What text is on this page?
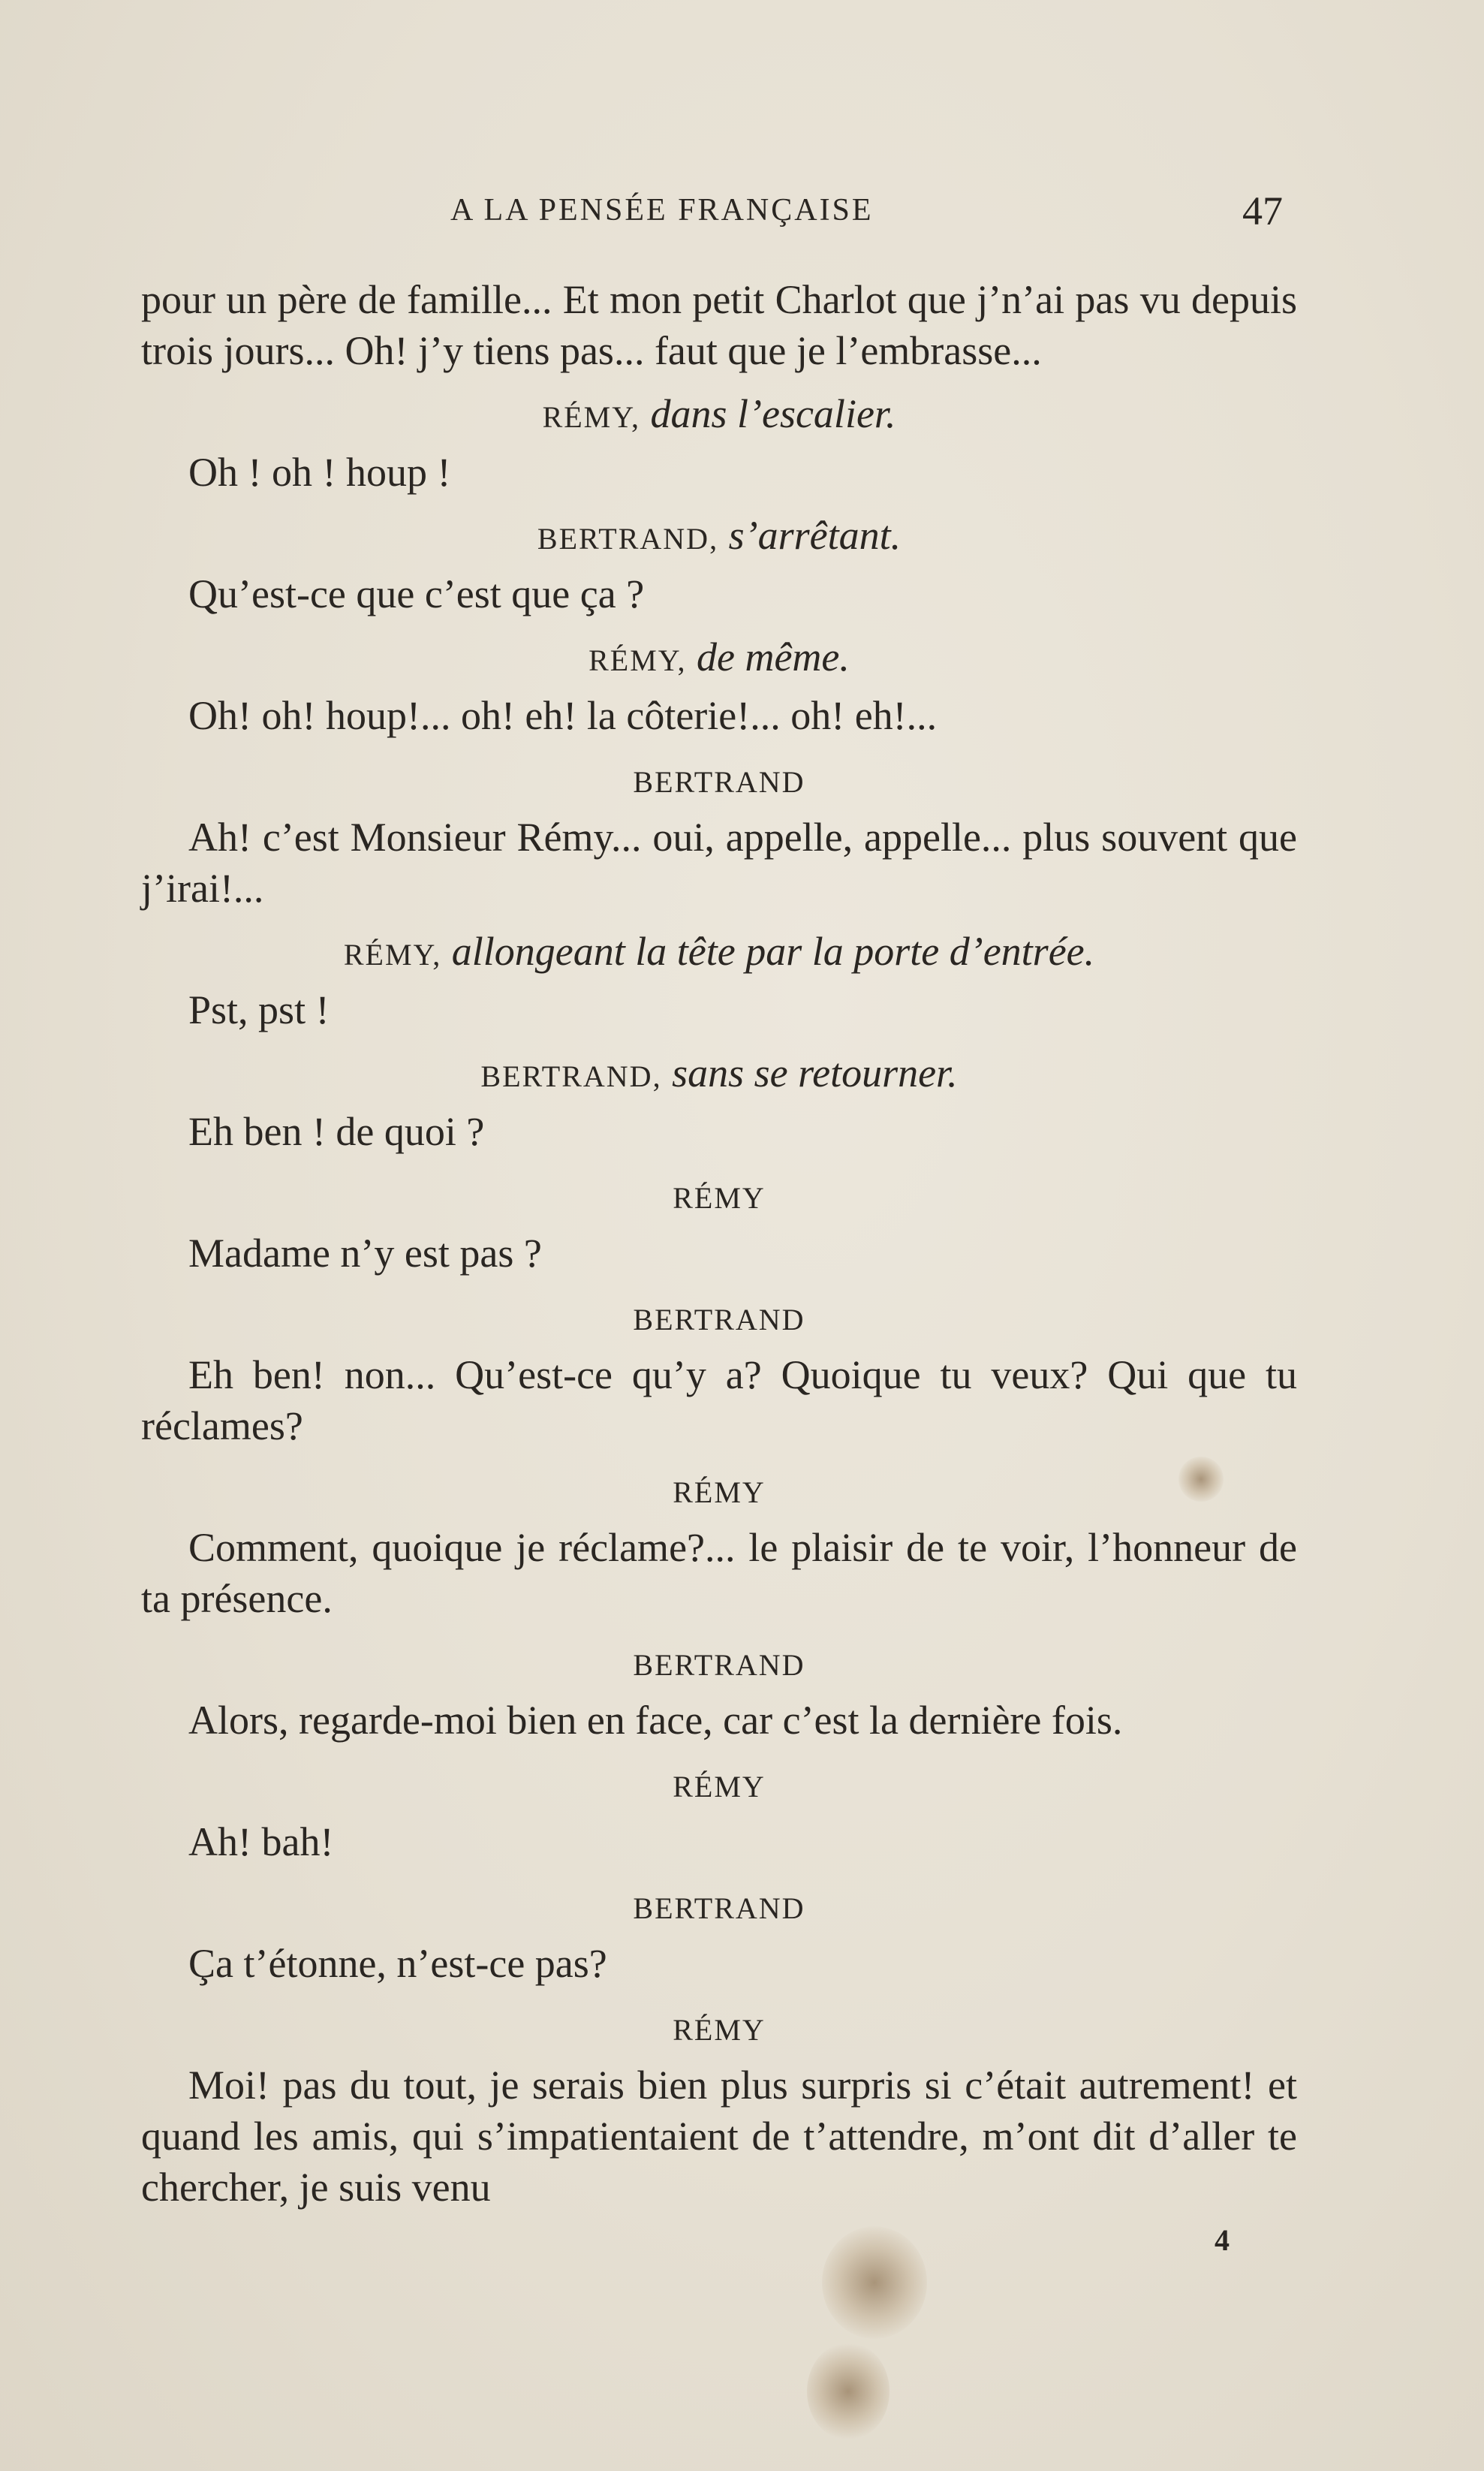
A LA PENSÉE FRANÇAISE	47

pour un père de famille... Et mon petit Charlot que j’n’ai pas vu depuis trois jours... Oh! j’y tiens pas... faut que je l’embrasse...

RÉMY, dans l’escalier.

Oh ! oh ! houp !

BERTRAND, s’arrêtant.

Qu’est-ce que c’est que ça ?

RÉMY, de même.

Oh! oh! houp!... oh! eh! la côterie!... oh! eh!...

BERTRAND

Ah! c’est Monsieur Rémy... oui, appelle, appelle... plus souvent que j’irai!...

RÉMY, allongeant la tête par la porte d’entrée.

Pst, pst !

BERTRAND, sans se retourner.

Eh ben ! de quoi ?

RÉMY

Madame n’y est pas ?

BERTRAND

Eh ben! non... Qu’est-ce qu’y a? Quoique tu veux? Qui que tu réclames?

RÉMY

Comment, quoique je réclame?... le plaisir de te voir, l’honneur de ta présence.

BERTRAND

Alors, regarde-moi bien en face, car c’est la dernière fois.

RÉMY

Ah! bah!

BERTRAND

Ça t’étonne, n’est-ce pas?

RÉMY

Moi! pas du tout, je serais bien plus surpris si c’était autrement! et quand les amis, qui s’impatientaient de t’attendre, m’ont dit d’aller te chercher, je suis venu

4
